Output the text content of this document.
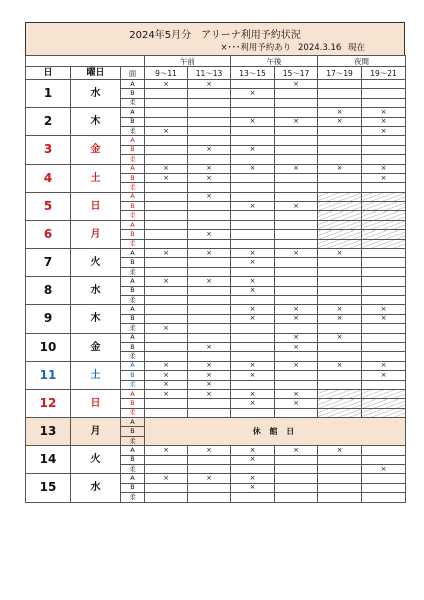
2024年5月分　アリーナ利用予約状況
×･･･利用予約あり 2024.3.16 現在
			午前		午後		夜間	
日	曜日	面	9～11	11～13	13～15	15～17	17～19	19～21
1	水	A	×	×		×		
		B			×			
		柔						
2	木	A					×	×
		B			×	×	×	×
		柔	×					×
3	金	A						
		B		×	×			
		柔						
4	土	A	×	×	×	×	×	×
		B	×	×				×
		柔						
5	日	A		×				
		B			×	×		
		柔						
6	月	A						
		B		×				
		柔						
7	火	A	×	×	×	×	×	
		B			×			
		柔						
8	水	A	×	×	×			
		B			×			
		柔						
9	木	A			×	×	×	×
		B			×	×	×	×
		柔	×					
10	金	A				×	×	
		B		×		×		
		柔						
11	土	A	×	×	×	×	×	×
		B	×	×	×			×
		柔	×	×				
12	日	A	×	×	×	×		
		B			×	×		
		柔						
13	月	A	休 館 日					
		B						
		柔						
14	火	A	×	×	×	×	×	
		B			×			
		柔						×
15	水	A	×	×	×			
		B			×			
		柔						
